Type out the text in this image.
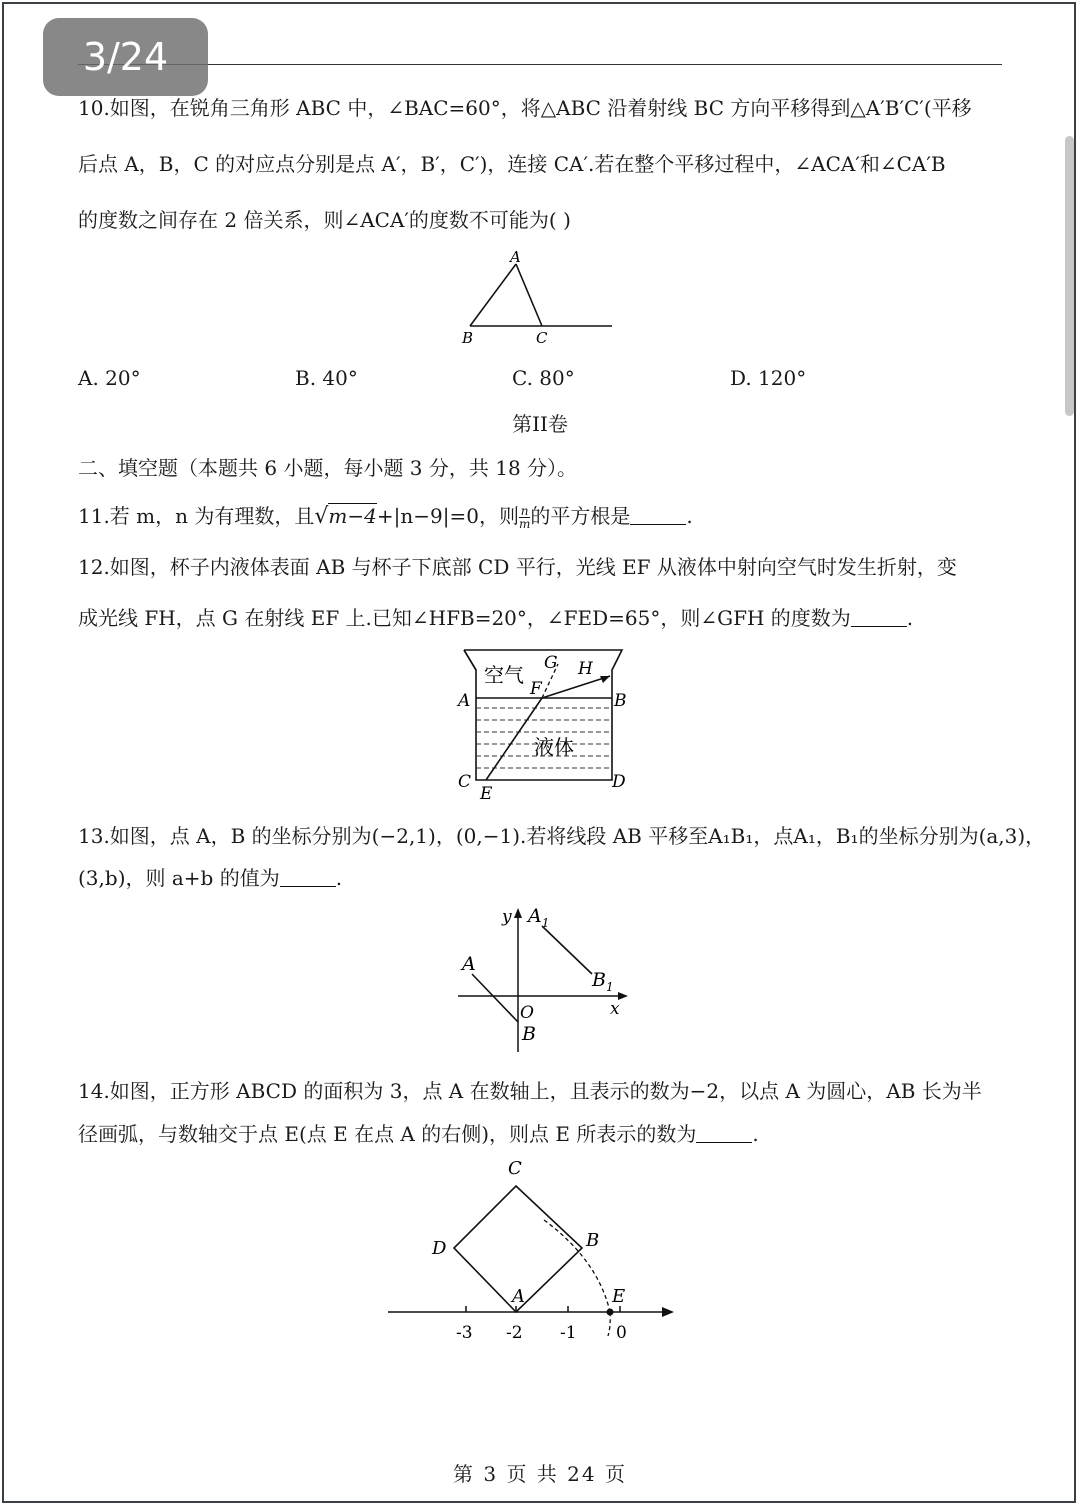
10.如图，在锐角三角形 ABC 中，∠BAC=60°，将△ABC 沿着射线 BC 方向平移得到△A′B′C′(平移
后点 A，B，C 的对应点分别是点 A′，B′，C′)，连接 CA′.若在整个平移过程中，∠ACA′和∠CA′B
的度数之间存在 2 倍关系，则∠ACA′的度数不可能为( )
A
B	C
A. 20°	B. 40°	C. 80°	D. 120°
第II卷
二、填空题（本题共 6 小题，每小题 3 分，共 18 分）。
11.若 m，n 为有理数，且√m−4+|n−9|=0，则 $\frac{n}{m}$ 的平方根是	.
12.如图，杯子内液体表面 AB 与杯子下底部 CD 平行，光线 EF 从液体中射向空气时发生折射，变
成光线 FH，点 G 在射线 EF 上.已知∠HFB=20°，∠FED=65°，则∠GFH 的度数为	.
空气
液体
A	B
C	D
E
F
G H
13.如图，点 A，B 的坐标分别为(−2,1)，(0,−1).若将线段 AB 平移至A₁B₁，点A₁，B₁的坐标分别为(a,3)，
(3,b)，则 a+b 的值为	.
y
x
O
A
B
$A_1$
$B_1$
14.如图，正方形 ABCD 的面积为 3，点 A 在数轴上，且表示的数为−2，以点 A 为圆心，AB 长为半
径画弧，与数轴交于点 E(点 E 在点 A 的右侧)，则点 E 所表示的数为	.
C
D	B
A	E
-3 -2 -1 0
第 3 页 共 24 页
3/24
